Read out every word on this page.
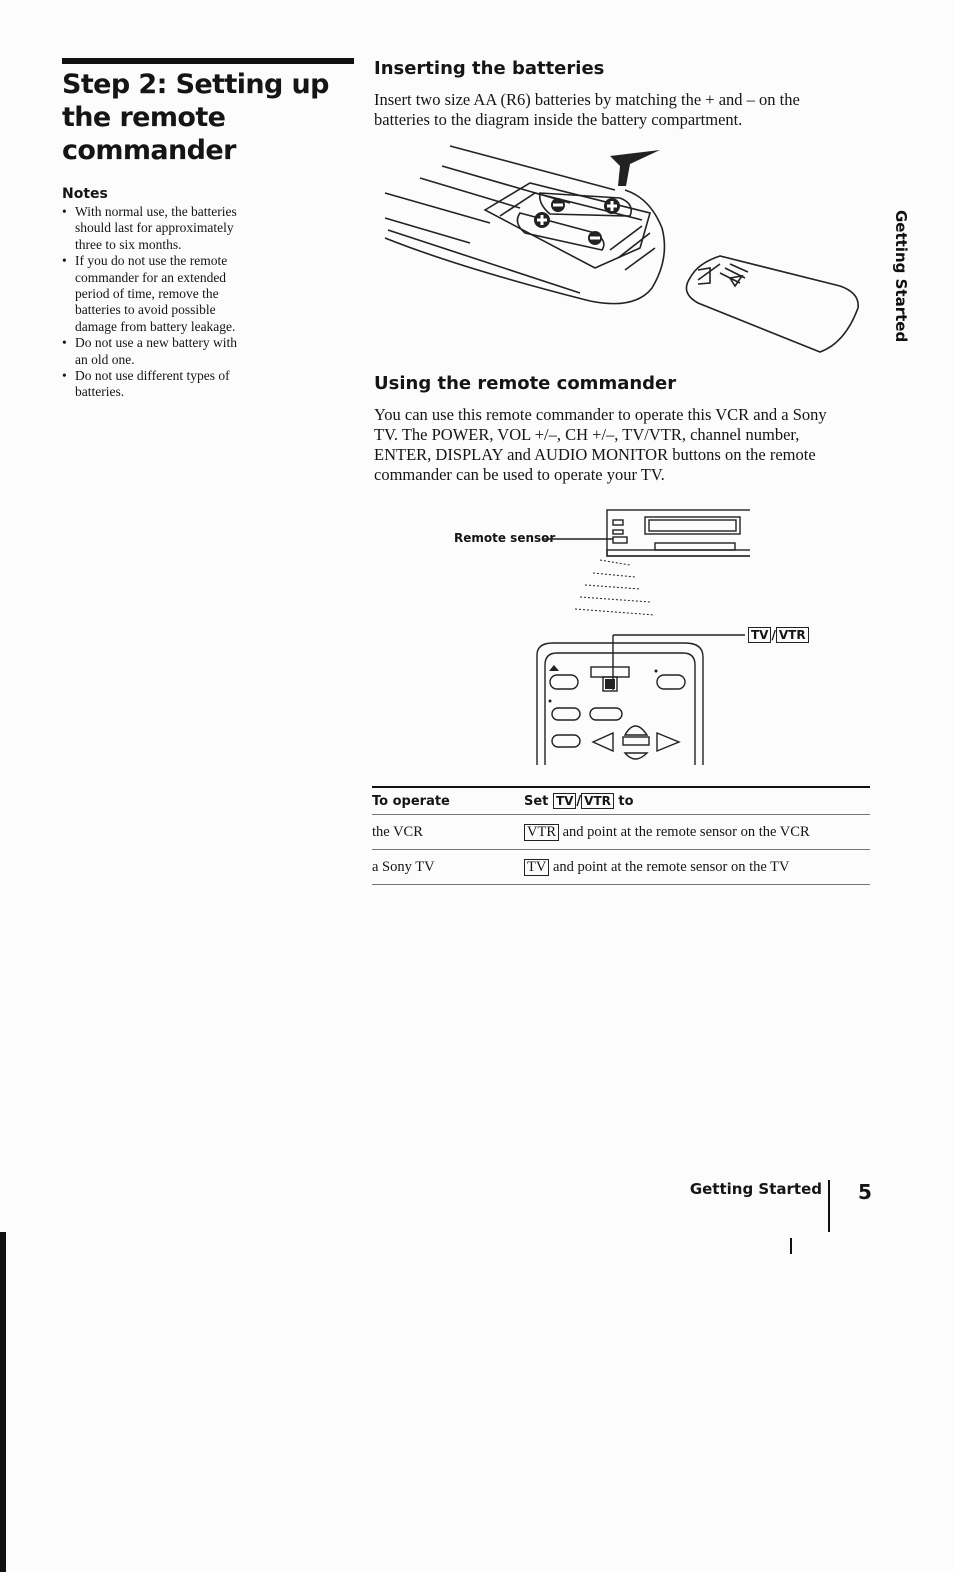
Step 2: Setting up the remote commander
Notes
• With normal use, the batteries should last for approximately three to six months.
• If you do not use the remote commander for an extended period of time, remove the batteries to avoid possible damage from battery leakage.
• Do not use a new battery with an old one.
• Do not use different types of batteries.
Inserting the batteries
Insert two size AA (R6) batteries by matching the + and – on the batteries to the diagram inside the battery compartment.
Getting Started
Using the remote commander
You can use this remote commander to operate this VCR and a Sony TV. The POWER, VOL +/–, CH +/–, TV/VTR, channel number, ENTER, DISPLAY and AUDIO MONITOR buttons on the remote commander can be used to operate your TV.
Remote sensor
TV / VTR
To operate	Set TV / VTR to
the VCR	VTR and point at the remote sensor on the VCR
a Sony TV	TV and point at the remote sensor on the TV
Getting Started 5
